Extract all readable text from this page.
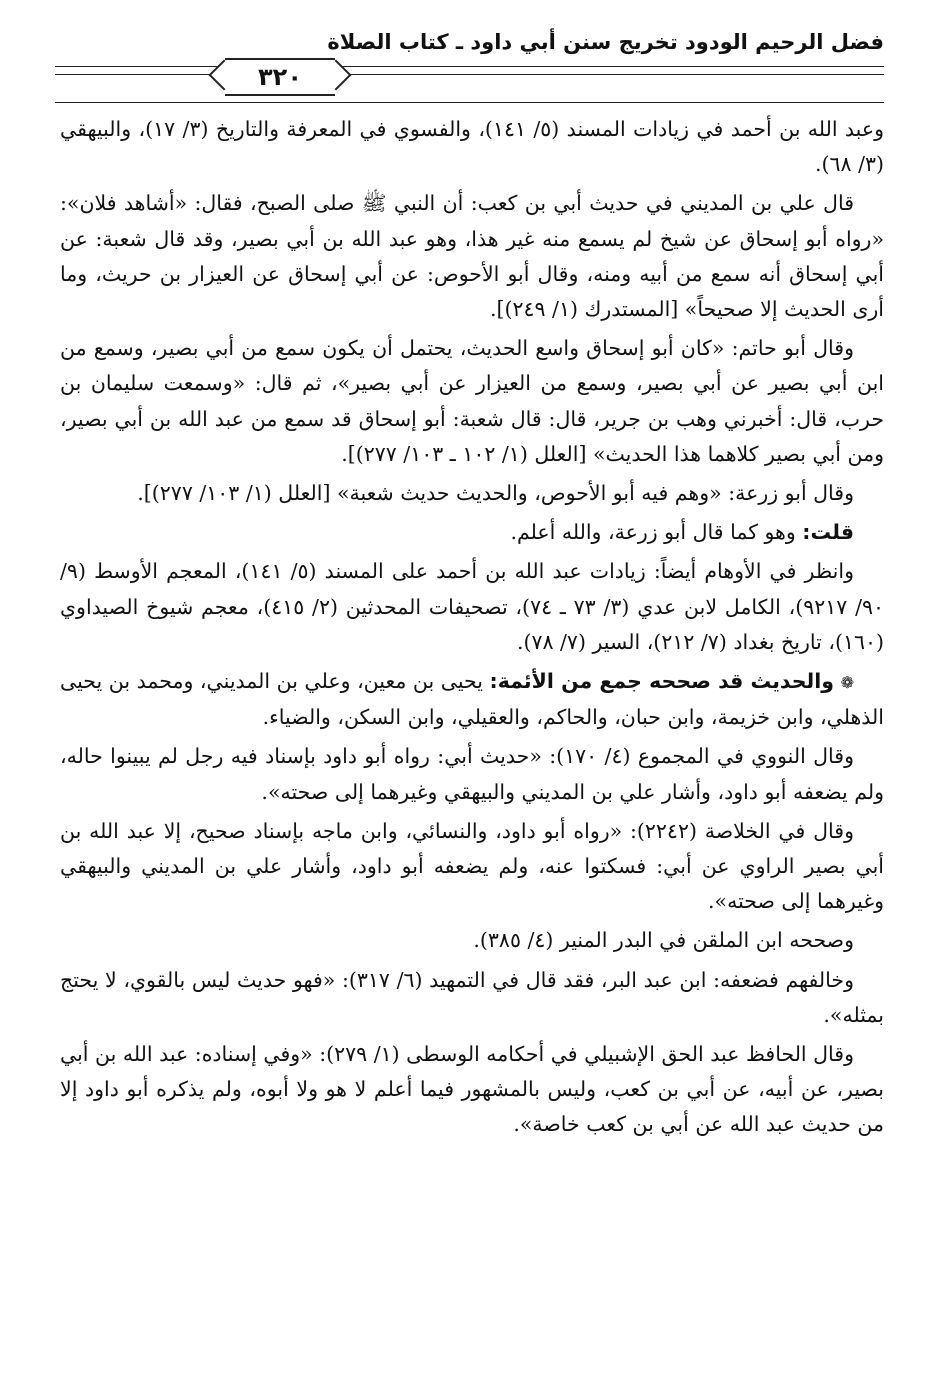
فضل الرحيم الودود تخريج سنن أبي داود ـ كتاب الصلاة
٣٢٠

وعبد الله بن أحمد في زيادات المسند (٥/ ١٤١)، والفسوي في المعرفة والتاريخ (٣/ ١٧)، والبيهقي (٣/ ٦٨).

قال علي بن المديني في حديث أبي بن كعب: أن النبي ﷺ صلى الصبح، فقال: «أشاهد فلان»: «رواه أبو إسحاق عن شيخ لم يسمع منه غير هذا، وهو عبد الله بن أبي بصير، وقد قال شعبة: عن أبي إسحاق أنه سمع من أبيه ومنه، وقال أبو الأحوص: عن أبي إسحاق عن العيزار بن حريث، وما أرى الحديث إلا صحيحاً» [المستدرك (١/ ٢٤٩)].

وقال أبو حاتم: «كان أبو إسحاق واسع الحديث، يحتمل أن يكون سمع من أبي بصير، وسمع من ابن أبي بصير عن أبي بصير، وسمع من العيزار عن أبي بصير»، ثم قال: «وسمعت سليمان بن حرب، قال: أخبرني وهب بن جرير، قال: قال شعبة: أبو إسحاق قد سمع من عبد الله بن أبي بصير، ومن أبي بصير كلاهما هذا الحديث» [العلل (١/ ١٠٢ ـ ١٠٣/ ٢٧٧)].

وقال أبو زرعة: «وهم فيه أبو الأحوص، والحديث حديث شعبة» [العلل (١/ ١٠٣/ ٢٧٧)].

قلت: وهو كما قال أبو زرعة، والله أعلم.

وانظر في الأوهام أيضاً: زيادات عبد الله بن أحمد على المسند (٥/ ١٤١)، المعجم الأوسط (٩/ ٩٠/ ٩٢١٧)، الكامل لابن عدي (٣/ ٧٣ ـ ٧٤)، تصحيفات المحدثين (٢/ ٤١٥)، معجم شيوخ الصيداوي (١٦٠)، تاريخ بغداد (٧/ ٢١٢)، السير (٧/ ٧٨).

❁ والحديث قد صححه جمع من الأئمة: يحيى بن معين، وعلي بن المديني، ومحمد بن يحيى الذهلي، وابن خزيمة، وابن حبان، والحاكم، والعقيلي، وابن السكن، والضياء.

وقال النووي في المجموع (٤/ ١٧٠): «حديث أبي: رواه أبو داود بإسناد فيه رجل لم يبينوا حاله، ولم يضعفه أبو داود، وأشار علي بن المديني والبيهقي وغيرهما إلى صحته».

وقال في الخلاصة (٢٢٤٢): «رواه أبو داود، والنسائي، وابن ماجه بإسناد صحيح، إلا عبد الله بن أبي بصير الراوي عن أبي: فسكتوا عنه، ولم يضعفه أبو داود، وأشار علي بن المديني والبيهقي وغيرهما إلى صحته».

وصححه ابن الملقن في البدر المنير (٤/ ٣٨٥).

وخالفهم فضعفه: ابن عبد البر، فقد قال في التمهيد (٦/ ٣١٧): «فهو حديث ليس بالقوي، لا يحتج بمثله».

وقال الحافظ عبد الحق الإشبيلي في أحكامه الوسطى (١/ ٢٧٩): «وفي إسناده: عبد الله بن أبي بصير، عن أبيه، عن أبي بن كعب، وليس بالمشهور فيما أعلم لا هو ولا أبوه، ولم يذكره أبو داود إلا من حديث عبد الله عن أبي بن كعب خاصة».
